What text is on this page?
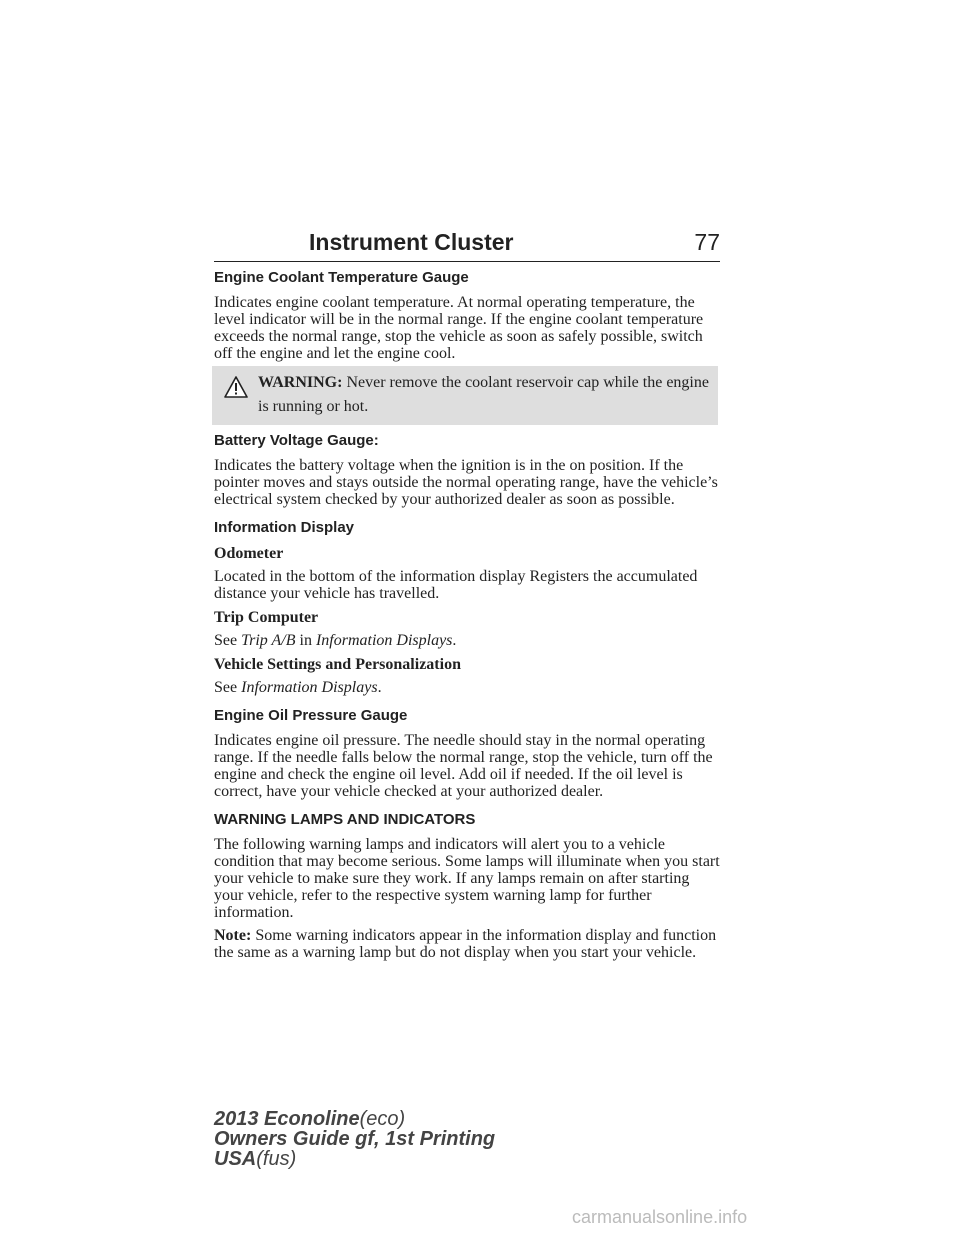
Instrument Cluster	77
Engine Coolant Temperature Gauge
Indicates engine coolant temperature. At normal operating temperature, the level indicator will be in the normal range. If the engine coolant temperature exceeds the normal range, stop the vehicle as soon as safely possible, switch off the engine and let the engine cool.
WARNING: Never remove the coolant reservoir cap while the engine is running or hot.
Battery Voltage Gauge:
Indicates the battery voltage when the ignition is in the on position. If the pointer moves and stays outside the normal operating range, have the vehicle’s electrical system checked by your authorized dealer as soon as possible.
Information Display
Odometer
Located in the bottom of the information display Registers the accumulated distance your vehicle has travelled.
Trip Computer
See Trip A/B in Information Displays.
Vehicle Settings and Personalization
See Information Displays.
Engine Oil Pressure Gauge
Indicates engine oil pressure. The needle should stay in the normal operating range. If the needle falls below the normal range, stop the vehicle, turn off the engine and check the engine oil level. Add oil if needed. If the oil level is correct, have your vehicle checked at your authorized dealer.
WARNING LAMPS AND INDICATORS
The following warning lamps and indicators will alert you to a vehicle condition that may become serious. Some lamps will illuminate when you start your vehicle to make sure they work. If any lamps remain on after starting your vehicle, refer to the respective system warning lamp for further information.
Note: Some warning indicators appear in the information display and function the same as a warning lamp but do not display when you start your vehicle.
2013 Econoline(eco)
Owners Guide gf, 1st Printing
USA(fus)
carmanualsonline.info
